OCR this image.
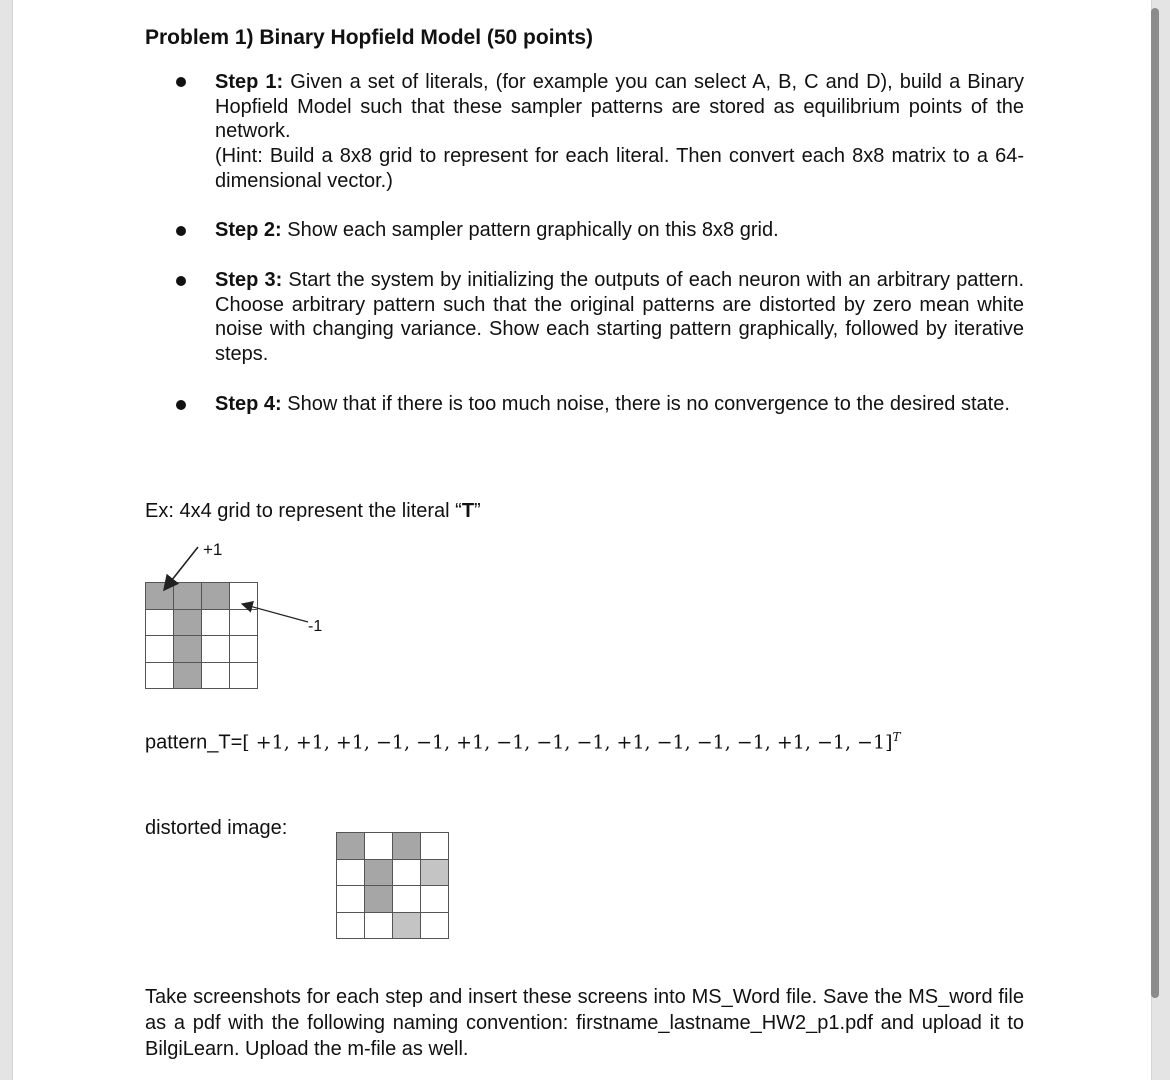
Problem 1) Binary Hopfield Model (50 points)
Step 1: Given a set of literals, (for example you can select A, B, C and D), build a Binary Hopfield Model such that these sampler patterns are stored as equilibrium points of the network.
(Hint: Build a 8x8 grid to represent for each literal. Then convert each 8x8 matrix to a 64-dimensional vector.)
Step 2: Show each sampler pattern graphically on this 8x8 grid.
Step 3: Start the system by initializing the outputs of each neuron with an arbitrary pattern. Choose arbitrary pattern such that the original patterns are distorted by zero mean white noise with changing variance. Show each starting pattern graphically, followed by iterative steps.
Step 4: Show that if there is too much noise, there is no convergence to the desired state.
Ex: 4x4 grid to represent the literal “T”
+1
-1
pattern_T=[ +1, +1, +1, −1, −1, +1, −1, −1, −1, +1, −1, −1, −1, +1, −1, −1]$^T$
distorted image:
Take screenshots for each step and insert these screens into MS_Word file. Save the MS_word file as a pdf with the following naming convention: firstname_lastname_HW2_p1.pdf and upload it to BilgiLearn. Upload the m-file as well.
